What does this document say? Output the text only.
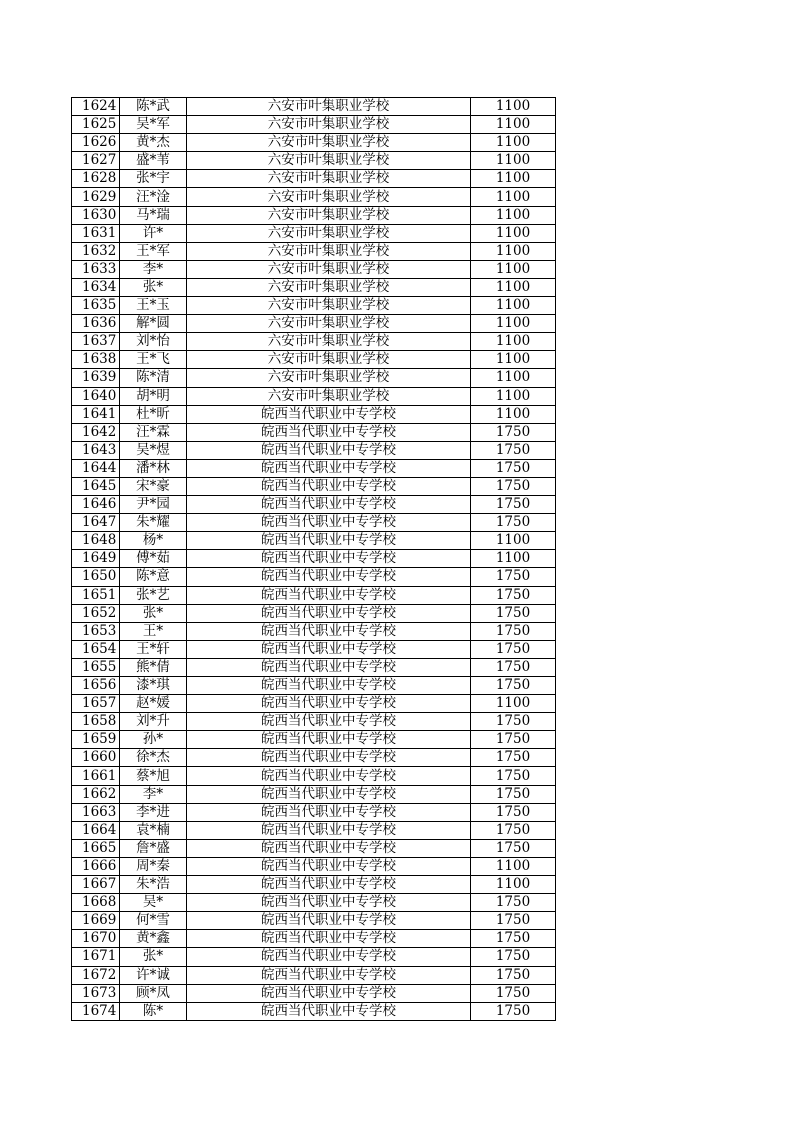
1624	陈*武	六安市叶集职业学校	1100
1625	吴*军	六安市叶集职业学校	1100
1626	黄*杰	六安市叶集职业学校	1100
1627	盛*苇	六安市叶集职业学校	1100
1628	张*宇	六安市叶集职业学校	1100
1629	汪*淦	六安市叶集职业学校	1100
1630	马*瑞	六安市叶集职业学校	1100
1631	许*	六安市叶集职业学校	1100
1632	王*军	六安市叶集职业学校	1100
1633	李*	六安市叶集职业学校	1100
1634	张*	六安市叶集职业学校	1100
1635	王*玉	六安市叶集职业学校	1100
1636	解*圆	六安市叶集职业学校	1100
1637	刘*怡	六安市叶集职业学校	1100
1638	王*飞	六安市叶集职业学校	1100
1639	陈*清	六安市叶集职业学校	1100
1640	胡*明	六安市叶集职业学校	1100
1641	杜*昕	皖西当代职业中专学校	1100
1642	汪*霖	皖西当代职业中专学校	1750
1643	吴*煜	皖西当代职业中专学校	1750
1644	潘*林	皖西当代职业中专学校	1750
1645	宋*豪	皖西当代职业中专学校	1750
1646	尹*园	皖西当代职业中专学校	1750
1647	朱*耀	皖西当代职业中专学校	1750
1648	杨*	皖西当代职业中专学校	1100
1649	傅*茹	皖西当代职业中专学校	1100
1650	陈*意	皖西当代职业中专学校	1750
1651	张*艺	皖西当代职业中专学校	1750
1652	张*	皖西当代职业中专学校	1750
1653	王*	皖西当代职业中专学校	1750
1654	王*轩	皖西当代职业中专学校	1750
1655	熊*倩	皖西当代职业中专学校	1750
1656	漆*琪	皖西当代职业中专学校	1750
1657	赵*媛	皖西当代职业中专学校	1100
1658	刘*升	皖西当代职业中专学校	1750
1659	孙*	皖西当代职业中专学校	1750
1660	徐*杰	皖西当代职业中专学校	1750
1661	蔡*旭	皖西当代职业中专学校	1750
1662	李*	皖西当代职业中专学校	1750
1663	李*进	皖西当代职业中专学校	1750
1664	袁*楠	皖西当代职业中专学校	1750
1665	詹*盛	皖西当代职业中专学校	1750
1666	周*秦	皖西当代职业中专学校	1100
1667	朱*浩	皖西当代职业中专学校	1100
1668	吴*	皖西当代职业中专学校	1750
1669	何*雪	皖西当代职业中专学校	1750
1670	黄*鑫	皖西当代职业中专学校	1750
1671	张*	皖西当代职业中专学校	1750
1672	许*诚	皖西当代职业中专学校	1750
1673	顾*凤	皖西当代职业中专学校	1750
1674	陈*	皖西当代职业中专学校	1750
